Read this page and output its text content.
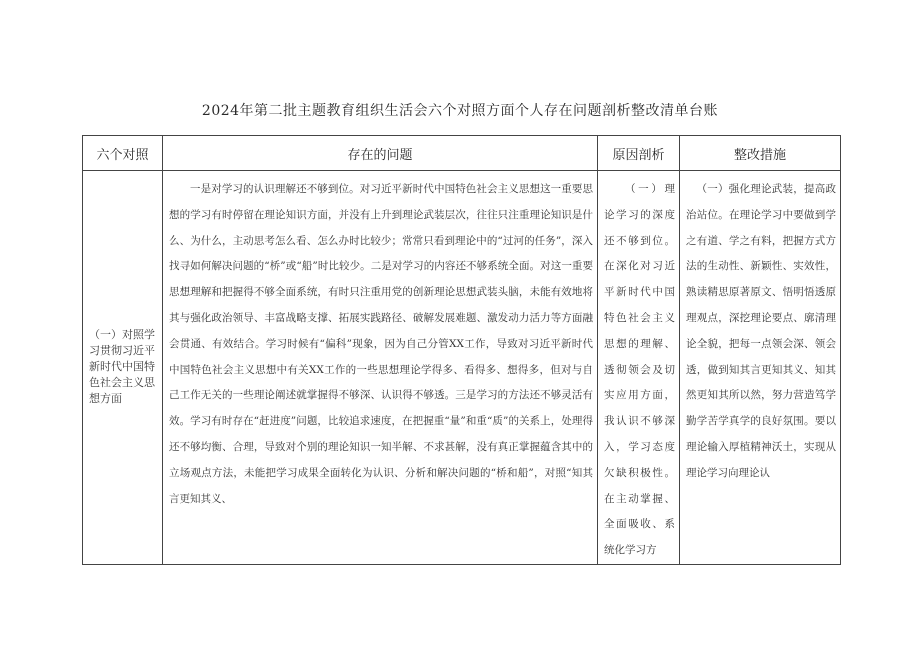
2024年第二批主题教育组织生活会六个对照方面个人存在问题剖析整改清单台账
六个对照	存在的问题	原因剖析	整改措施
（一）对照学习贯彻习近平新时代中国特色社会主义思想方面	一是对学习的认识理解还不够到位。对习近平新时代中国特色社会主义思想这一重要思想的学习有时停留在理论知识方面，并没有上升到理论武装层次，往往只注重理论知识是什么、为什么，主动思考怎么看、怎么办时比较少；常常只看到理论中的“过河的任务”，深入找寻如何解决问题的“桥”或“船”时比较少。二是对学习的内容还不够系统全面。对这一重要思想理解和把握得不够全面系统，有时只注重用党的创新理论思想武装头脑，未能有效地将其与强化政治领导、丰富战略支撑、拓展实践路径、破解发展难题、激发动力活力等方面融会贯通、有效结合。学习时候有“偏科”现象，因为自己分管XX工作，导致对习近平新时代中国特色社会主义思想中有关XX工作的一些思想理论学得多、看得多、想得多，但对与自己工作无关的一些理论阐述就掌握得不够深、认识得不够透。三是学习的方法还不够灵活有效。学习有时存在“赶进度”问题，比较追求速度，在把握重“量”和重“质”的关系上，处理得还不够均衡、合理，导致对个别的理论知识一知半解、不求甚解，没有真正掌握蕴含其中的立场观点方法，未能把学习成果全面转化为认识、分析和解决问题的“桥和船”，对照“知其言更知其义、	（一）理论学习的深度还不够到位。在深化对习近平新时代中国特色社会主义思想的理解、透彻领会及切实应用方面，我认识不够深入，学习态度欠缺积极性。在主动掌握、全面吸收、系统化学习方	（一）强化理论武装，提高政治站位。在理论学习中要做到学之有道、学之有料，把握方式方法的生动性、新颖性、实效性，熟读精思原著原文、悟明悟透原理观点，深挖理论要点、廓清理论全貌，把每一点领会深、领会透，做到知其言更知其义、知其然更知其所以然，努力营造笃学勤学苦学真学的良好氛围。要以理论输入厚植精神沃土，实现从理论学习向理论认
